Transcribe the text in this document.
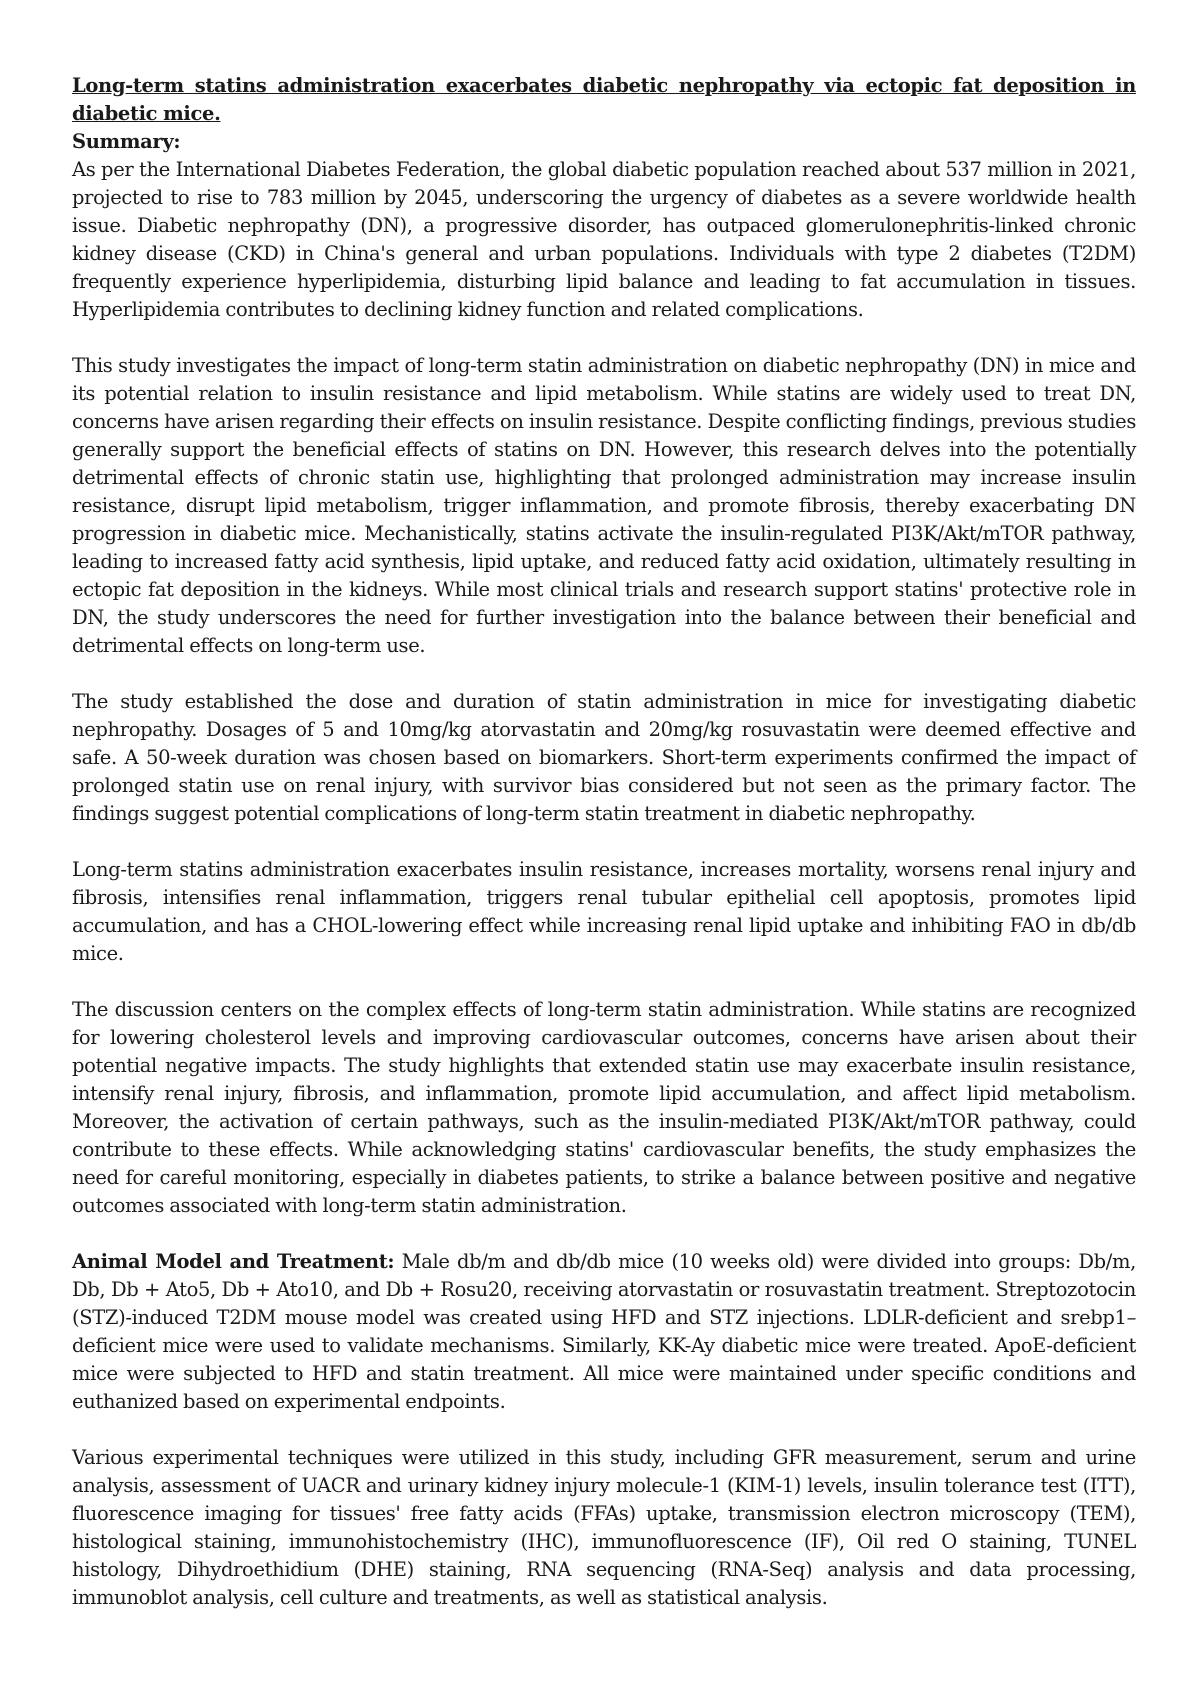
Long-term statins administration exacerbates diabetic nephropathy via ectopic fat deposition in diabetic mice.
Summary:

As per the International Diabetes Federation, the global diabetic population reached about 537 million in 2021, projected to rise to 783 million by 2045, underscoring the urgency of diabetes as a severe worldwide health issue. Diabetic nephropathy (DN), a progressive disorder, has outpaced glomerulonephritis-linked chronic kidney disease (CKD) in China's general and urban populations. Individuals with type 2 diabetes (T2DM) frequently experience hyperlipidemia, disturbing lipid balance and leading to fat accumulation in tissues. Hyperlipidemia contributes to declining kidney function and related complications.

This study investigates the impact of long-term statin administration on diabetic nephropathy (DN) in mice and its potential relation to insulin resistance and lipid metabolism. While statins are widely used to treat DN, concerns have arisen regarding their effects on insulin resistance. Despite conflicting findings, previous studies generally support the beneficial effects of statins on DN. However, this research delves into the potentially detrimental effects of chronic statin use, highlighting that prolonged administration may increase insulin resistance, disrupt lipid metabolism, trigger inflammation, and promote fibrosis, thereby exacerbating DN progression in diabetic mice. Mechanistically, statins activate the insulin-regulated PI3K/Akt/mTOR pathway, leading to increased fatty acid synthesis, lipid uptake, and reduced fatty acid oxidation, ultimately resulting in ectopic fat deposition in the kidneys. While most clinical trials and research support statins' protective role in DN, the study underscores the need for further investigation into the balance between their beneficial and detrimental effects on long-term use.

The study established the dose and duration of statin administration in mice for investigating diabetic nephropathy. Dosages of 5 and 10mg/kg atorvastatin and 20mg/kg rosuvastatin were deemed effective and safe. A 50-week duration was chosen based on biomarkers. Short-term experiments confirmed the impact of prolonged statin use on renal injury, with survivor bias considered but not seen as the primary factor. The findings suggest potential complications of long-term statin treatment in diabetic nephropathy.

Long-term statins administration exacerbates insulin resistance, increases mortality, worsens renal injury and fibrosis, intensifies renal inflammation, triggers renal tubular epithelial cell apoptosis, promotes lipid accumulation, and has a CHOL-lowering effect while increasing renal lipid uptake and inhibiting FAO in db/db mice.

The discussion centers on the complex effects of long-term statin administration. While statins are recognized for lowering cholesterol levels and improving cardiovascular outcomes, concerns have arisen about their potential negative impacts. The study highlights that extended statin use may exacerbate insulin resistance, intensify renal injury, fibrosis, and inflammation, promote lipid accumulation, and affect lipid metabolism. Moreover, the activation of certain pathways, such as the insulin-mediated PI3K/Akt/mTOR pathway, could contribute to these effects. While acknowledging statins' cardiovascular benefits, the study emphasizes the need for careful monitoring, especially in diabetes patients, to strike a balance between positive and negative outcomes associated with long-term statin administration.

Animal Model and Treatment: Male db/m and db/db mice (10 weeks old) were divided into groups: Db/m, Db, Db + Ato5, Db + Ato10, and Db + Rosu20, receiving atorvastatin or rosuvastatin treatment. Streptozotocin (STZ)-induced T2DM mouse model was created using HFD and STZ injections. LDLR-deficient and srebp1–deficient mice were used to validate mechanisms. Similarly, KK-Ay diabetic mice were treated. ApoE-deficient mice were subjected to HFD and statin treatment. All mice were maintained under specific conditions and euthanized based on experimental endpoints.

Various experimental techniques were utilized in this study, including GFR measurement, serum and urine analysis, assessment of UACR and urinary kidney injury molecule-1 (KIM-1) levels, insulin tolerance test (ITT), fluorescence imaging for tissues' free fatty acids (FFAs) uptake, transmission electron microscopy (TEM), histological staining, immunohistochemistry (IHC), immunofluorescence (IF), Oil red O staining, TUNEL histology, Dihydroethidium (DHE) staining, RNA sequencing (RNA-Seq) analysis and data processing, immunoblot analysis, cell culture and treatments, as well as statistical analysis.
